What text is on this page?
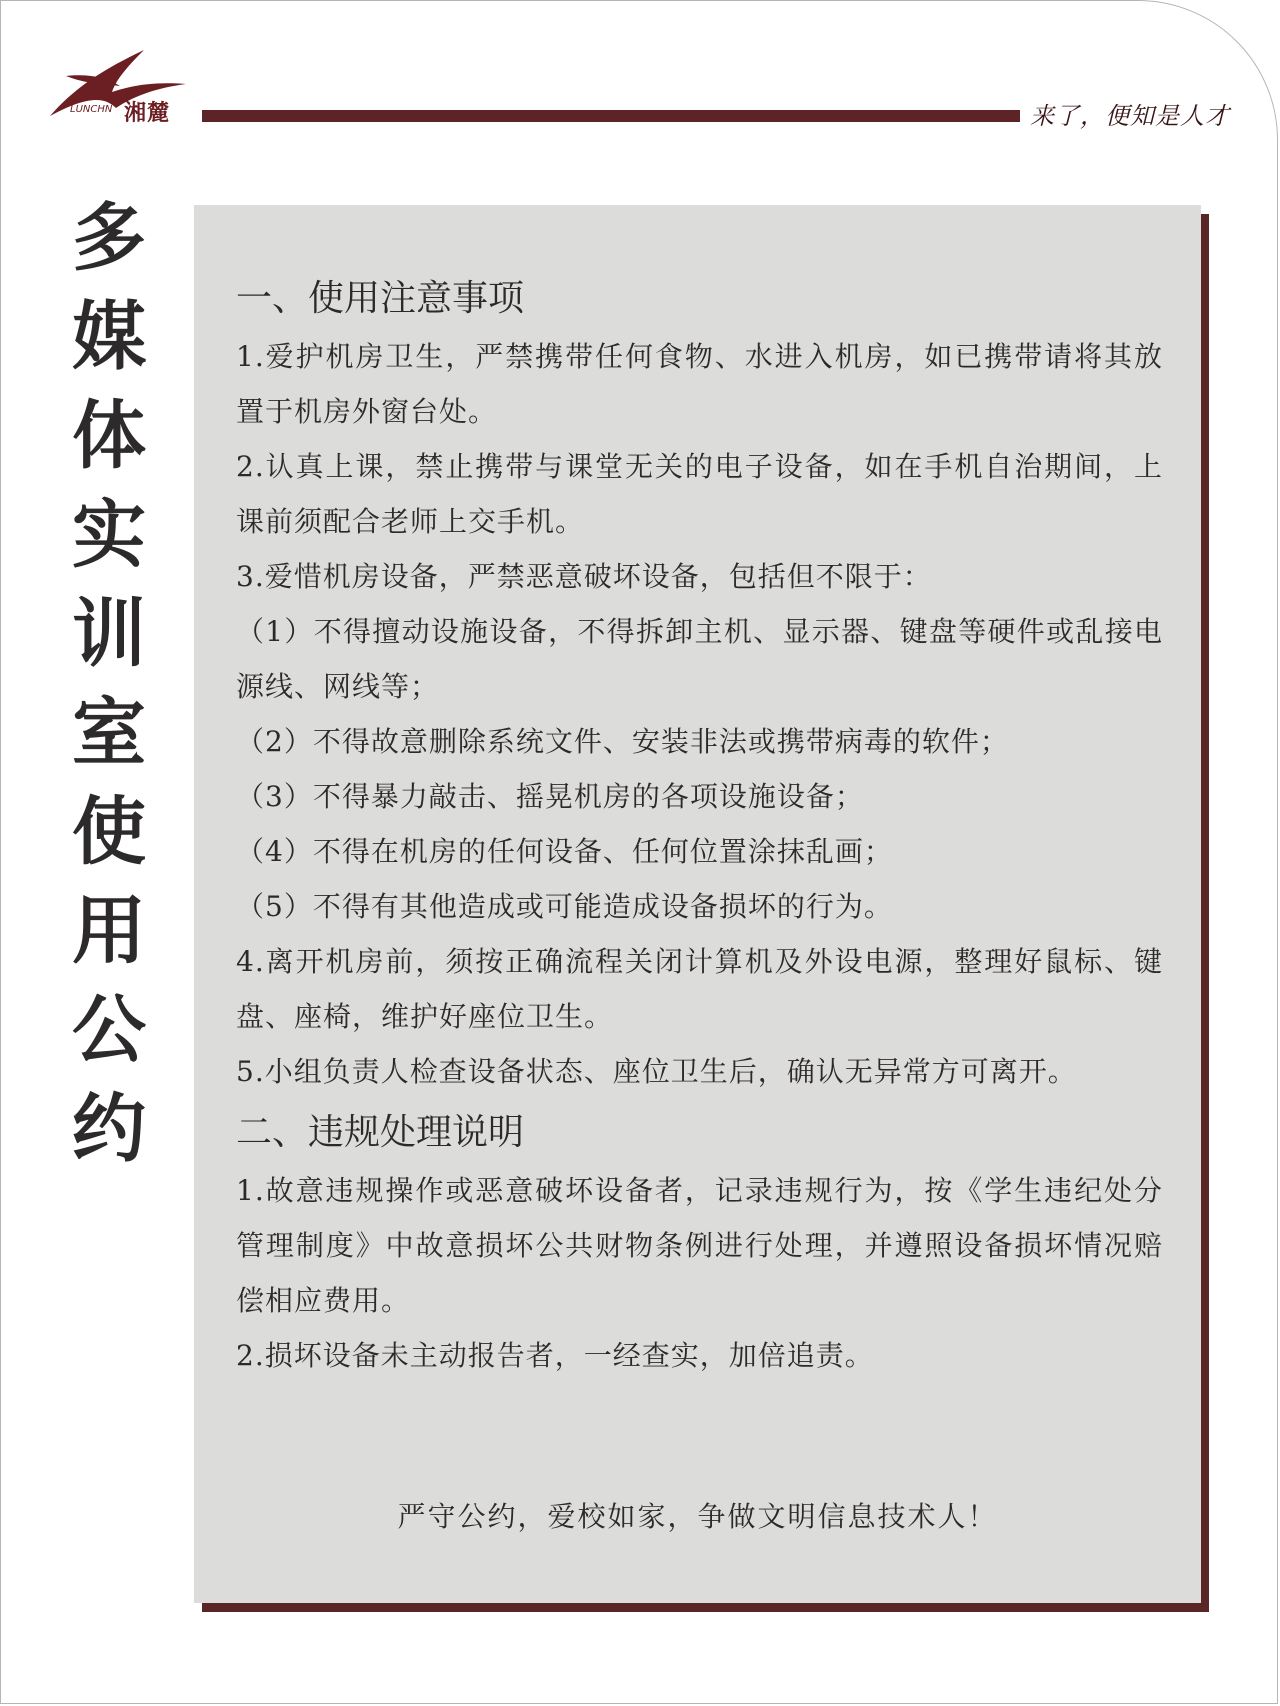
LUNCHN 湘麓	来了，便知是人才
多媒体实训室使用公约	一、使用注意事项

1.爱护机房卫生，严禁携带任何食物、水进入机房，如已携带请将其放置于机房外窗台处。

2.认真上课，禁止携带与课堂无关的电子设备，如在手机自治期间，上课前须配合老师上交手机。

3.爱惜机房设备，严禁恶意破坏设备，包括但不限于：

（1）不得擅动设施设备，不得拆卸主机、显示器、键盘等硬件或乱接电源线、网线等；

（2）不得故意删除系统文件、安装非法或携带病毒的软件；

（3）不得暴力敲击、摇晃机房的各项设施设备；

（4）不得在机房的任何设备、任何位置涂抹乱画；

（5）不得有其他造成或可能造成设备损坏的行为。

4.离开机房前，须按正确流程关闭计算机及外设电源，整理好鼠标、键盘、座椅，维护好座位卫生。

5.小组负责人检查设备状态、座位卫生后，确认无异常方可离开。

二、违规处理说明

1.故意违规操作或恶意破坏设备者，记录违规行为，按《学生违纪处分管理制度》中故意损坏公共财物条例进行处理，并遵照设备损坏情况赔偿相应费用。

2.损坏设备未主动报告者，一经查实，加倍追责。

严守公约，爱校如家，争做文明信息技术人！
